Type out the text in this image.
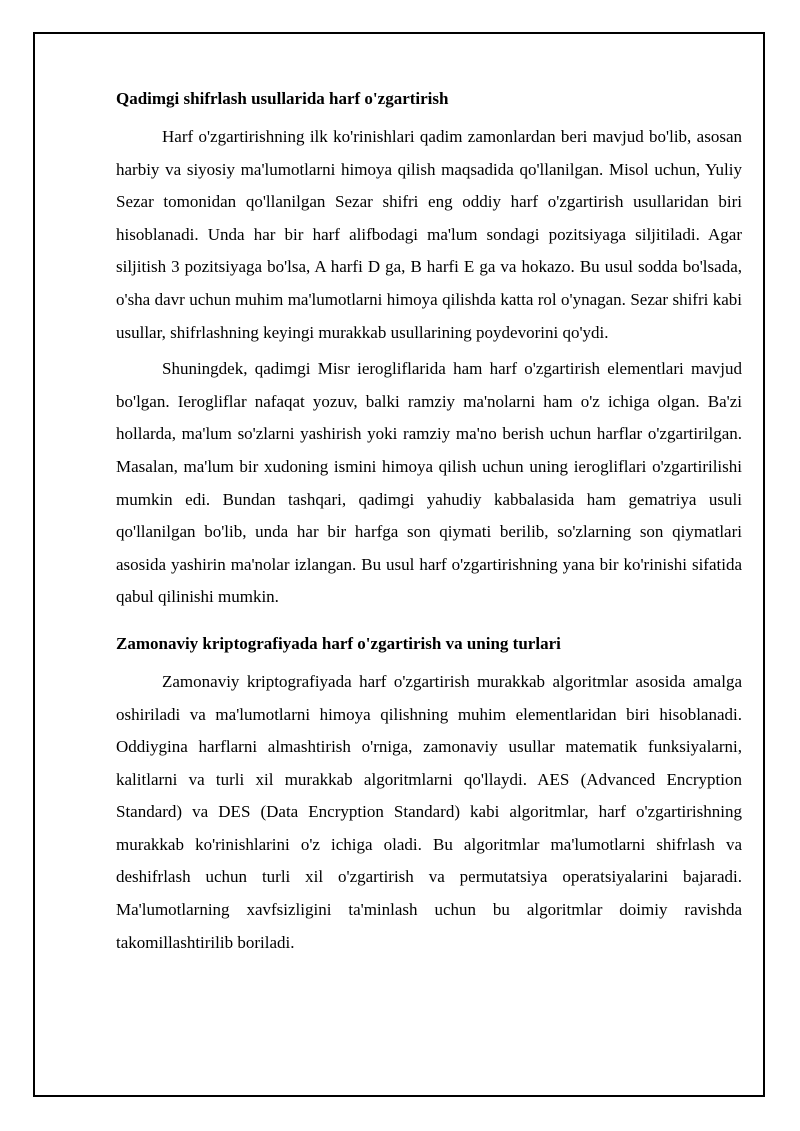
Qadimgi shifrlash usullarida harf o'zgartirish

Harf o'zgartirishning ilk ko'rinishlari qadim zamonlardan beri mavjud bo'lib, asosan harbiy va siyosiy ma'lumotlarni himoya qilish maqsadida qo'llanilgan. Misol uchun, Yuliy Sezar tomonidan qo'llanilgan Sezar shifri eng oddiy harf o'zgartirish usullaridan biri hisoblanadi. Unda har bir harf alifbodagi ma'lum sondagi pozitsiyaga siljitiladi. Agar siljitish 3 pozitsiyaga bo'lsa, A harfi D ga, B harfi E ga va hokazo. Bu usul sodda bo'lsada, o'sha davr uchun muhim ma'lumotlarni himoya qilishda katta rol o'ynagan. Sezar shifri kabi usullar, shifrlashning keyingi murakkab usullarining poydevorini qo'ydi.

Shuningdek, qadimgi Misr ierogliflarida ham harf o'zgartirish elementlari mavjud bo'lgan. Ierogliflar nafaqat yozuv, balki ramziy ma'nolarni ham o'z ichiga olgan. Ba'zi hollarda, ma'lum so'zlarni yashirish yoki ramziy ma'no berish uchun harflar o'zgartirilgan. Masalan, ma'lum bir xudoning ismini himoya qilish uchun uning ierogliflari o'zgartirilishi mumkin edi. Bundan tashqari, qadimgi yahudiy kabbalasida ham gematriya usuli qo'llanilgan bo'lib, unda har bir harfga son qiymati berilib, so'zlarning son qiymatlari asosida yashirin ma'nolar izlangan. Bu usul harf o'zgartirishning yana bir ko'rinishi sifatida qabul qilinishi mumkin.

Zamonaviy kriptografiyada harf o'zgartirish va uning turlari

Zamonaviy kriptografiyada harf o'zgartirish murakkab algoritmlar asosida amalga oshiriladi va ma'lumotlarni himoya qilishning muhim elementlaridan biri hisoblanadi. Oddiygina harflarni almashtirish o'rniga, zamonaviy usullar matematik funksiyalarni, kalitlarni va turli xil murakkab algoritmlarni qo'llaydi. AES (Advanced Encryption Standard) va DES (Data Encryption Standard) kabi algoritmlar, harf o'zgartirishning murakkab ko'rinishlarini o'z ichiga oladi. Bu algoritmlar ma'lumotlarni shifrlash va deshifrlash uchun turli xil o'zgartirish va permutatsiya operatsiyalarini bajaradi. Ma'lumotlarning xavfsizligini ta'minlash uchun bu algoritmlar doimiy ravishda takomillashtirilib boriladi.
